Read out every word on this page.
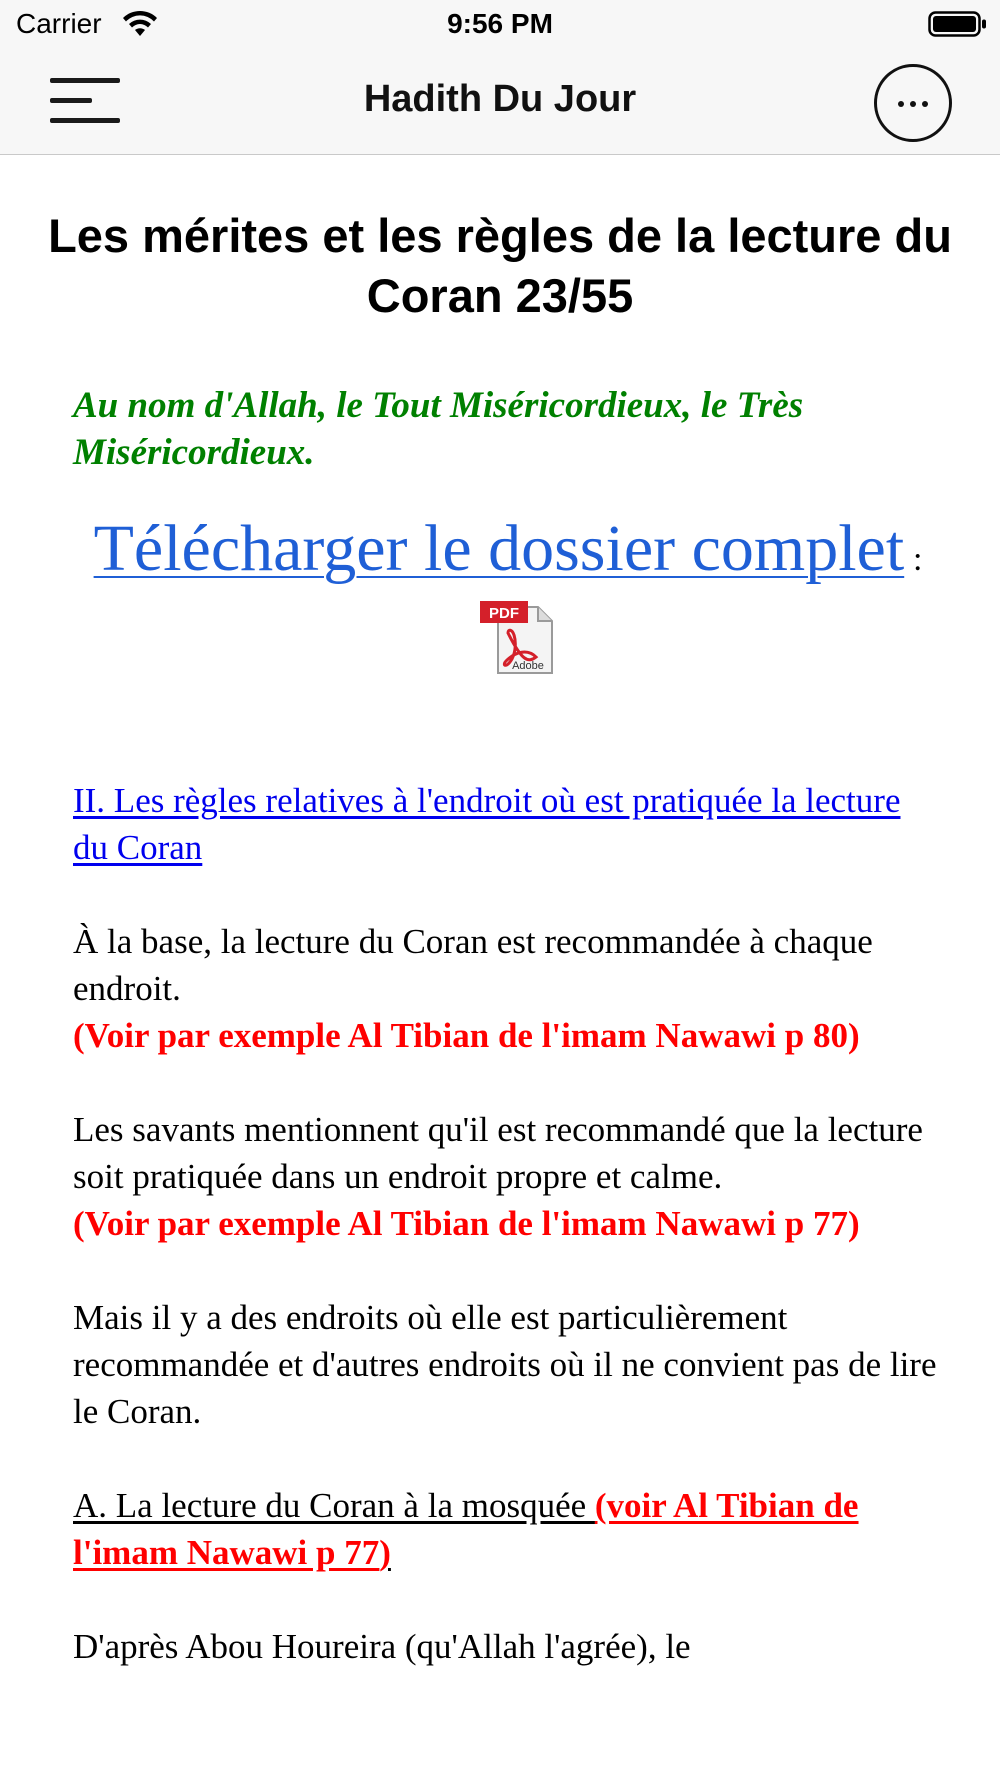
Carrier	9:56 PM
Hadith Du Jour
Les mérites et les règles de la lecture du Coran 23/55
Au nom d'Allah, le Tout Miséricordieux, le Très Miséricordieux.
Télécharger le dossier complet :
PDF
Adobe
II. Les règles relatives à l'endroit où est pratiquée la lecture du Coran

À la base, la lecture du Coran est recommandée à chaque endroit.
(Voir par exemple Al Tibian de l'imam Nawawi p 80)

Les savants mentionnent qu'il est recommandé que la lecture soit pratiquée dans un endroit propre et calme.
(Voir par exemple Al Tibian de l'imam Nawawi p 77)

Mais il y a des endroits où elle est particulièrement recommandée et d'autres endroits où il ne convient pas de lire le Coran.

A. La lecture du Coran à la mosquée (voir Al Tibian de l'imam Nawawi p 77)

D'après Abou Houreira (qu'Allah l'agrée), le
